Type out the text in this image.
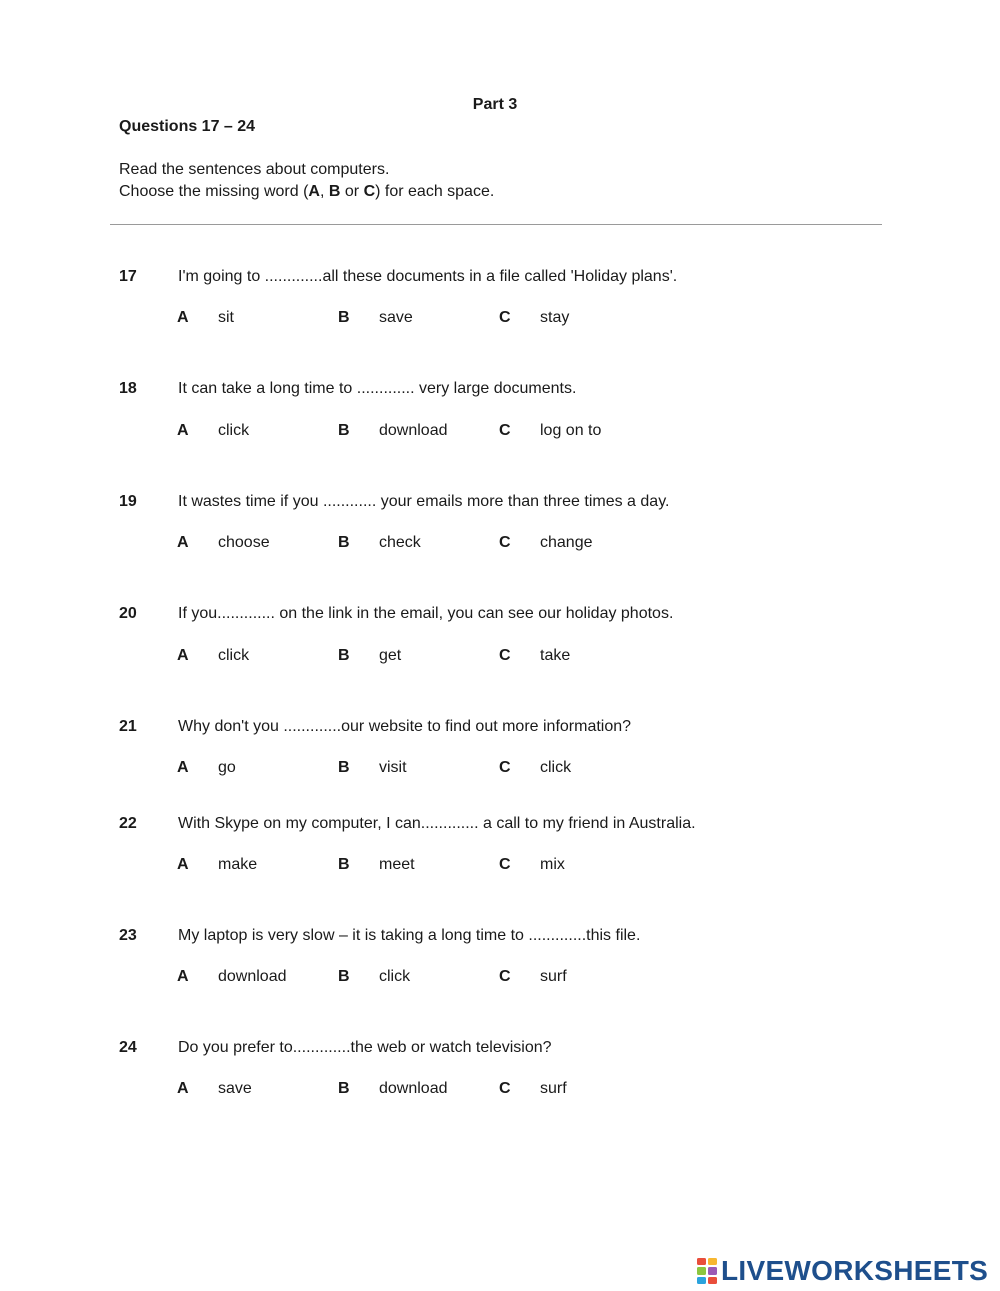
Part 3
Questions 17 – 24
Read the sentences about computers.
Choose the missing word (A, B or C) for each space.
17	I'm going to .............all these documents in a file called 'Holiday plans'.
A sit	B save	C stay
18	It can take a long time to ............. very large documents.
A click	B download	C log on to
19	It wastes time if you ............ your emails more than three times a day.
A choose	B check	C change
20	If you............. on the link in the email, you can see our holiday photos.
A click	B get	C take
21	Why don't you .............our website to find out more information?
A go	B visit	C click
22	With Skype on my computer, I can............. a call to my friend in Australia.
A make	B meet	C mix
23	My laptop is very slow – it is taking a long time to .............this file.
A download	B click	C surf
24	Do you prefer to.............the web or watch television?
A save	B download	C surf
LIVEWORKSHEETS
